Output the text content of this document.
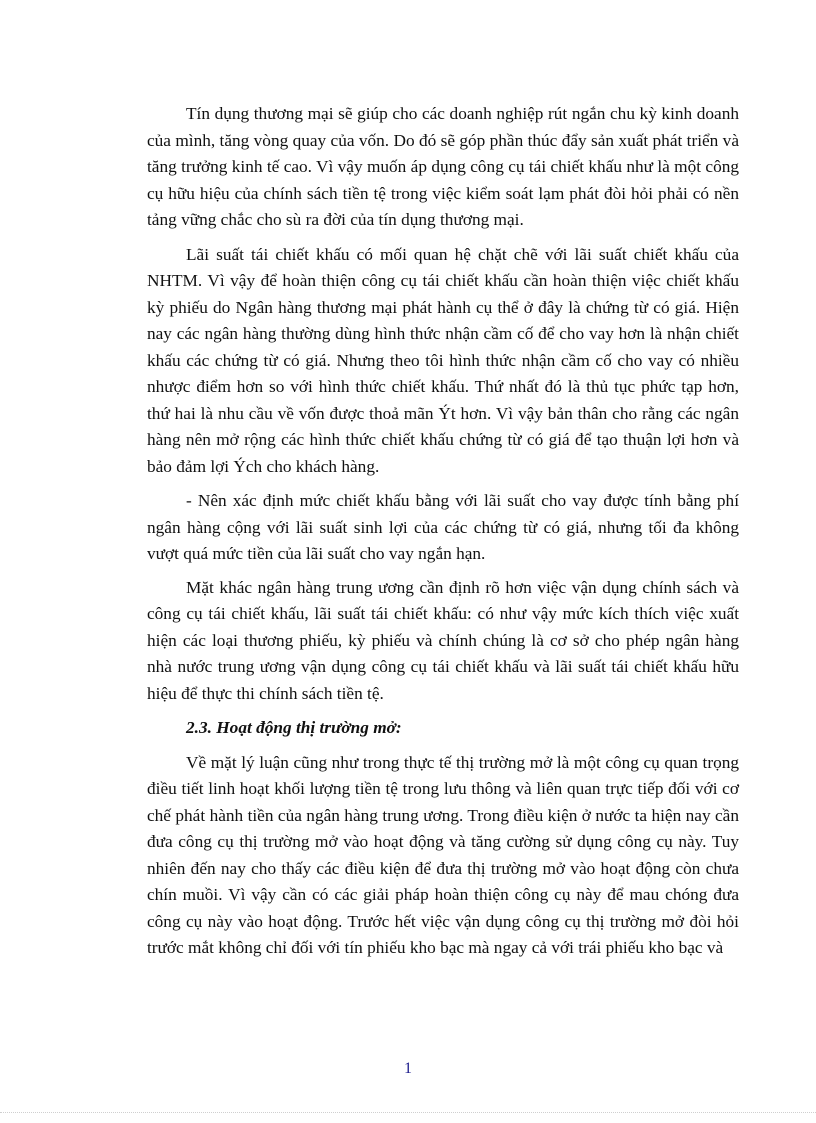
Tín dụng thương mại sẽ giúp cho các doanh nghiệp rút ngắn chu kỳ kinh doanh của mình, tăng vòng quay của vốn. Do đó sẽ góp phần thúc đẩy sản xuất phát triển và tăng trưởng kinh tế cao. Vì vậy muốn áp dụng công cụ tái chiết khấu như là một công cụ hữu hiệu của chính sách tiền tệ trong việc kiểm soát lạm phát đòi hỏi phải có nền tảng vững chắc cho sù ra đời của tín dụng thương mại.

Lãi suất tái chiết khấu có mối quan hệ chặt chẽ với lãi suất chiết khấu của NHTM. Vì vậy để hoàn thiện công cụ tái chiết khấu cần hoàn thiện việc chiết khấu kỳ phiếu do Ngân hàng thương mại phát hành cụ thể ở đây là chứng từ có giá. Hiện nay các ngân hàng thường dùng hình thức nhận cầm cố để cho vay hơn là nhận chiết khấu các chứng từ có giá. Nhưng theo tôi hình thức nhận cầm cố cho vay có nhiều nhược điểm hơn so với hình thức chiết khấu. Thứ nhất đó là thủ tục phức tạp hơn, thứ hai là nhu cầu về vốn được thoả mãn Ýt hơn. Vì vậy bản thân cho rằng các ngân hàng nên mở rộng các hình thức chiết khấu chứng từ có giá để tạo thuận lợi hơn và bảo đảm lợi Ých cho khách hàng.

- Nên xác định mức chiết khấu bằng với lãi suất cho vay được tính bằng phí ngân hàng cộng với lãi suất sinh lợi của các chứng từ có giá, nhưng tối đa không vượt quá mức tiền của lãi suất cho vay ngắn hạn.

Mặt khác ngân hàng trung ương cần định rõ hơn việc vận dụng chính sách và công cụ tái chiết khấu, lãi suất tái chiết khấu: có như vậy mức kích thích việc xuất hiện các loại thương phiếu, kỳ phiếu và chính chúng là cơ sở cho phép ngân hàng nhà nước trung ương vận dụng công cụ tái chiết khấu và lãi suất tái chiết khấu hữu hiệu để thực thi chính sách tiền tệ.

2.3. Hoạt động thị trường mở:

Về mặt lý luận cũng như trong thực tế thị trường mở là một công cụ quan trọng điều tiết linh hoạt khối lượng tiền tệ trong lưu thông và liên quan trực tiếp đối với cơ chế phát hành tiền của ngân hàng trung ương. Trong điều kiện ở nước ta hiện nay cần đưa công cụ thị trường mở vào hoạt động và tăng cường sử dụng công cụ này. Tuy nhiên đến nay cho thấy các điều kiện để đưa thị trường mở vào hoạt động còn chưa chín muồi. Vì vậy cần có các giải pháp hoàn thiện công cụ này để mau chóng đưa công cụ này vào hoạt động. Trước hết việc vận dụng công cụ thị trường mở đòi hỏi trước mắt không chỉ đối với tín phiếu kho bạc mà ngay cả với trái phiếu kho bạc và

1
